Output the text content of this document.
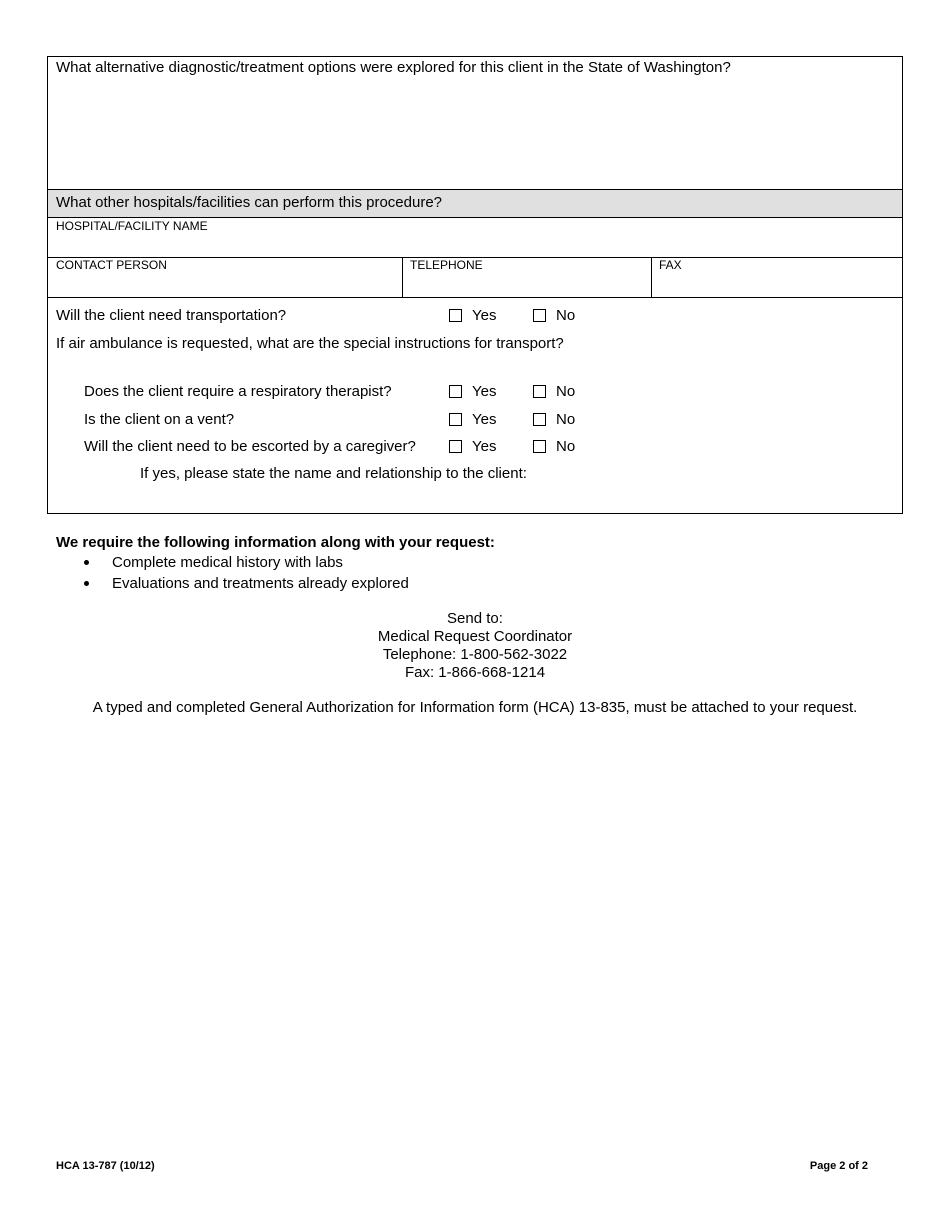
What alternative diagnostic/treatment options were explored for this client in the State of Washington?
What other hospitals/facilities can perform this procedure?
HOSPITAL/FACILITY NAME
CONTACT PERSON	TELEPHONE	FAX
Will the client need transportation?	Yes	No
If air ambulance is requested, what are the special instructions for transport?
Does the client require a respiratory therapist?	Yes	No
Is the client on a vent?	Yes	No
Will the client need to be escorted by a caregiver?	Yes	No
If yes, please state the name and relationship to the client:
We require the following information along with your request:
Complete medical history with labs
Evaluations and treatments already explored
Send to:
Medical Request Coordinator
Telephone: 1-800-562-3022
Fax: 1-866-668-1214
A typed and completed General Authorization for Information form (HCA) 13-835, must be attached to your request.
HCA 13-787 (10/12)	Page 2 of 2
